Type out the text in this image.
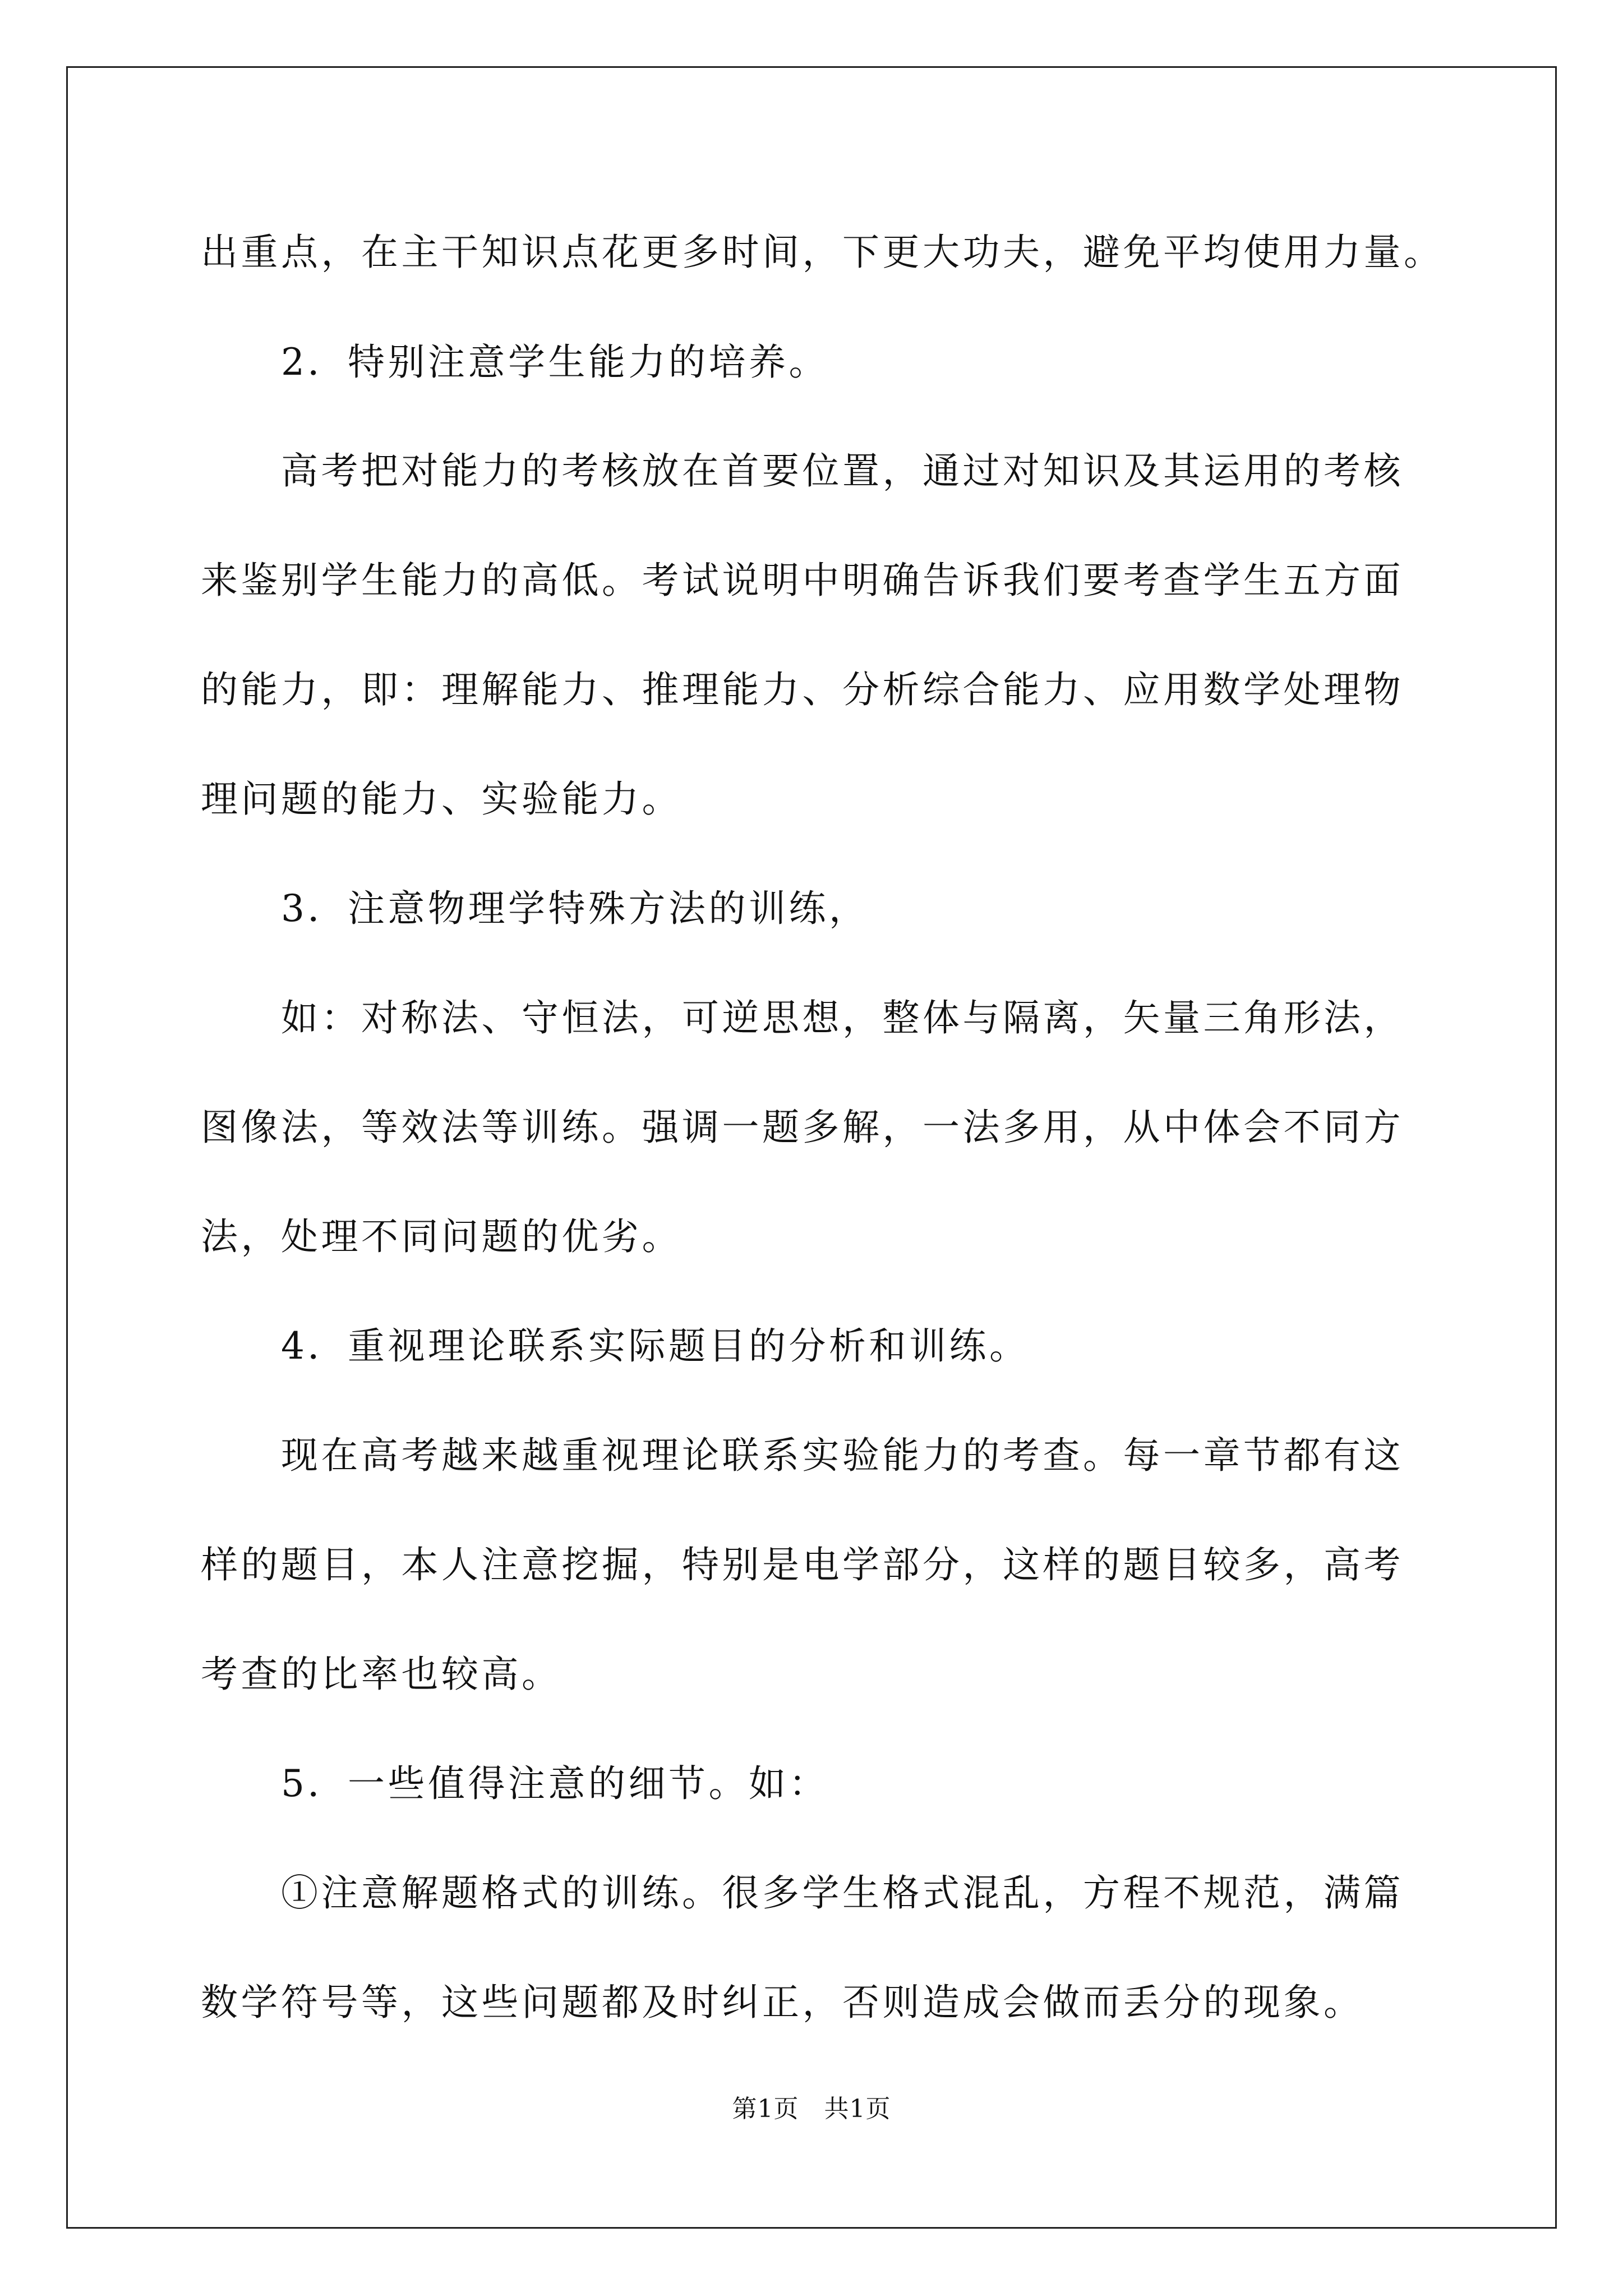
出重点，在主干知识点花更多时间，下更大功夫，避免平均使用力量。

　　2．特别注意学生能力的培养。

　　高考把对能力的考核放在首要位置，通过对知识及其运用的考核

来鉴别学生能力的高低。考试说明中明确告诉我们要考查学生五方面

的能力，即：理解能力、推理能力、分析综合能力、应用数学处理物

理问题的能力、实验能力。

　　3．注意物理学特殊方法的训练，

　　如：对称法、守恒法，可逆思想，整体与隔离，矢量三角形法，

图像法，等效法等训练。强调一题多解，一法多用，从中体会不同方

法，处理不同问题的优劣。

　　4．重视理论联系实际题目的分析和训练。

　　现在高考越来越重视理论联系实验能力的考查。每一章节都有这

样的题目，本人注意挖掘，特别是电学部分，这样的题目较多，高考

考查的比率也较高。

　　5．一些值得注意的细节。如：

　　①注意解题格式的训练。很多学生格式混乱，方程不规范，满篇

数学符号等，这些问题都及时纠正，否则造成会做而丢分的现象。

第1页　共1页
